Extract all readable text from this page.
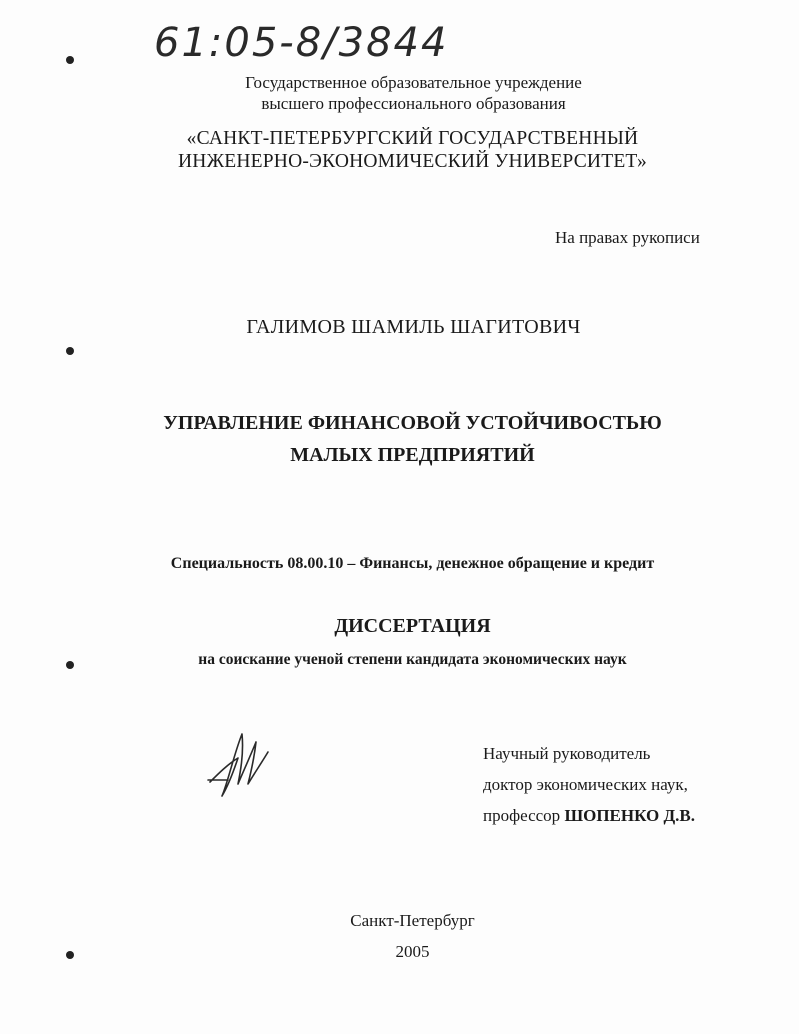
61:05-8/3844
Государственное образовательное учреждение
высшего профессионального образования
«САНКТ-ПЕТЕРБУРГСКИЙ ГОСУДАРСТВЕННЫЙ
ИНЖЕНЕРНО-ЭКОНОМИЧЕСКИЙ УНИВЕРСИТЕТ»
На правах рукописи
ГАЛИМОВ ШАМИЛЬ ШАГИТОВИЧ
УПРАВЛЕНИЕ ФИНАНСОВОЙ УСТОЙЧИВОСТЬЮ
МАЛЫХ ПРЕДПРИЯТИЙ
Специальность 08.00.10 – Финансы, денежное обращение и кредит
ДИССЕРТАЦИЯ
на соискание ученой степени кандидата экономических наук
Научный руководитель
доктор экономических наук,
профессор ШОПЕНКО Д.В.
Санкт-Петербург
2005
